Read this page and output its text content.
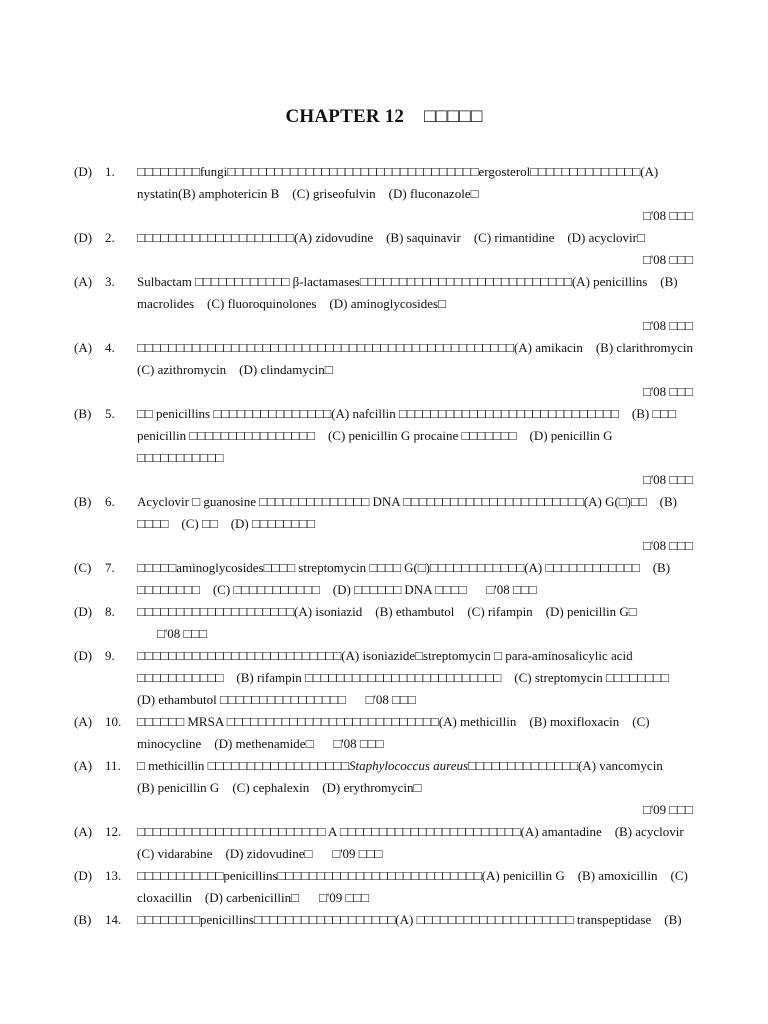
CHAPTER 12 □□□□□
(D) 1.	□□□□□□□□fungi□□□□□□□□□□□□□□□□□□□□□□□□□□□□□□□□ergosterol□□□□□□□□□□□□□□(A) nystatin(B) amphotericin B　(C) griseofulvin　(D) fluconazole□
□'08 □□□
(D) 2.	□□□□□□□□□□□□□□□□□□□□(A) zidovudine　(B) saquinavir　(C) rimantidine　(D) acyclovir□
□'08 □□□
(A) 3.	Sulbactam □□□□□□□□□□□□ β-lactamases□□□□□□□□□□□□□□□□□□□□□□□□□□□(A) penicillins　(B) macrolides　(C) fluoroquinolones　(D) aminoglycosides□
□'08 □□□
(A) 4.	□□□□□□□□□□□□□□□□□□□□□□□□□□□□□□□□□□□□□□□□□□□□□□□□(A) amikacin　(B) clarithromycin　(C) azithromycin　(D) clindamycin□
□'08 □□□
(B) 5.	□□ penicillins □□□□□□□□□□□□□□□(A) nafcillin □□□□□□□□□□□□□□□□□□□□□□□□□□□□　(B) □□□ penicillin □□□□□□□□□□□□□□□□　(C) penicillin G procaine □□□□□□□　(D) penicillin G □□□□□□□□□□□
□'08 □□□
(B) 6.	Acyclovir □ guanosine □□□□□□□□□□□□□□ DNA □□□□□□□□□□□□□□□□□□□□□□□(A) G(□)□□　(B) □□□□　(C) □□　(D) □□□□□□□□
□'08 □□□
(C) 7.	□□□□□aminoglycosides□□□□ streptomycin □□□□ G(□)□□□□□□□□□□□□(A) □□□□□□□□□□□□　(B) □□□□□□□□　(C) □□□□□□□□□□□　(D) □□□□□□ DNA □□□□ □'08 □□□
(D) 8.	□□□□□□□□□□□□□□□□□□□□(A) isoniazid　(B) ethambutol　(C) rifampin　(D) penicillin G□□'08 □□□
(D) 9.	□□□□□□□□□□□□□□□□□□□□□□□□□□(A) isoniazide□streptomycin □ para-aminosalicylic acid □□□□□□□□□□□　(B) rifampin □□□□□□□□□□□□□□□□□□□□□□□□□　(C) streptomycin □□□□□□□□　(D) ethambutol □□□□□□□□□□□□□□□□ □'08 □□□
(A) 10.	□□□□□□ MRSA □□□□□□□□□□□□□□□□□□□□□□□□□□□(A) methicillin　(B) moxifloxacin　(C) minocycline　(D) methenamide□ □'08 □□□
(A) 11.	□ methicillin □□□□□□□□□□□□□□□□□□Staphylococcus aureus□□□□□□□□□□□□□□(A) vancomycin　(B) penicillin G　(C) cephalexin　(D) erythromycin□
□'09 □□□
(A) 12.	□□□□□□□□□□□□□□□□□□□□□□□□ A □□□□□□□□□□□□□□□□□□□□□□□(A) amantadine　(B) acyclovir　(C) vidarabine　(D) zidovudine□ □'09 □□□
(D) 13.	□□□□□□□□□□□penicillins□□□□□□□□□□□□□□□□□□□□□□□□□□(A) penicillin G　(B) amoxicillin　(C) cloxacillin　(D) carbenicillin□ □'09 □□□
(B) 14.	□□□□□□□□penicillins□□□□□□□□□□□□□□□□□□(A) □□□□□□□□□□□□□□□□□□□□ transpeptidase　(B)
